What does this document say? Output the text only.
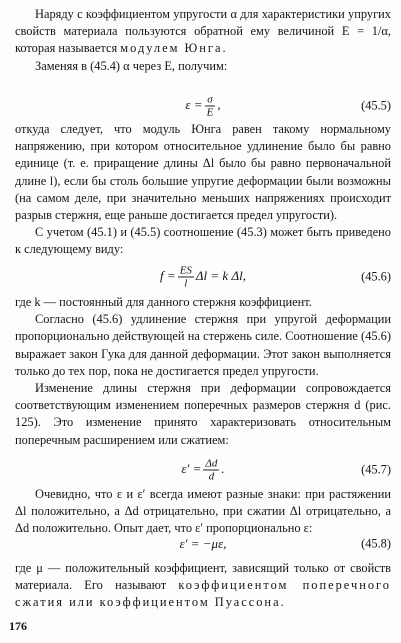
Наряду с коэффициентом упругости α для характеристики упругих свойств материала пользуются обратной ему величиной E = 1/α, которая называется модулем Юнга.

Заменяя в (45.4) α через E, получим:

$\varepsilon = \frac{\sigma}{E}$ ,	(45.5)

откуда следует, что модуль Юнга равен такому нормальному напряжению, при котором относительное удлинение было бы равно единице (т. е. приращение длины Δl было бы равно первоначальной длине l), если бы столь большие упругие деформации были возможны (на самом деле, при значительно меньших напряжениях происходит разрыв стержня, еще раньше достигается предел упругости).

С учетом (45.1) и (45.5) соотношение (45.3) может быть приведено к следующему виду:

$f = \frac{ES}{l}$ Δl = k Δl,	(45.6)

где k — постоянный для данного стержня коэффициент.

Согласно (45.6) удлинение стержня при упругой деформации пропорционально действующей на стержень силе. Соотношение (45.6) выражает закон Гука для данной деформации. Этот закон выполняется только до тех пор, пока не достигается предел упругости.

Изменение длины стержня при деформации сопровождается соответствующим изменением поперечных размеров стержня d (рис. 125). Это изменение принято характеризовать относительным поперечным расширением или сжатием:

$\varepsilon' = \frac{\Delta d}{d}$ .	(45.7)

Очевидно, что ε и ε′ всегда имеют разные знаки: при растяжении Δl положительно, а Δd отрицательно, при сжатии Δl отрицательно, а Δd положительно. Опыт дает, что ε′ пропорционально ε:

ε′ = −με,	(45.8)

где μ — положительный коэффициент, зависящий только от свойств материала. Его называют коэффициентом поперечного сжатия или коэффициентом Пуассона.

176
